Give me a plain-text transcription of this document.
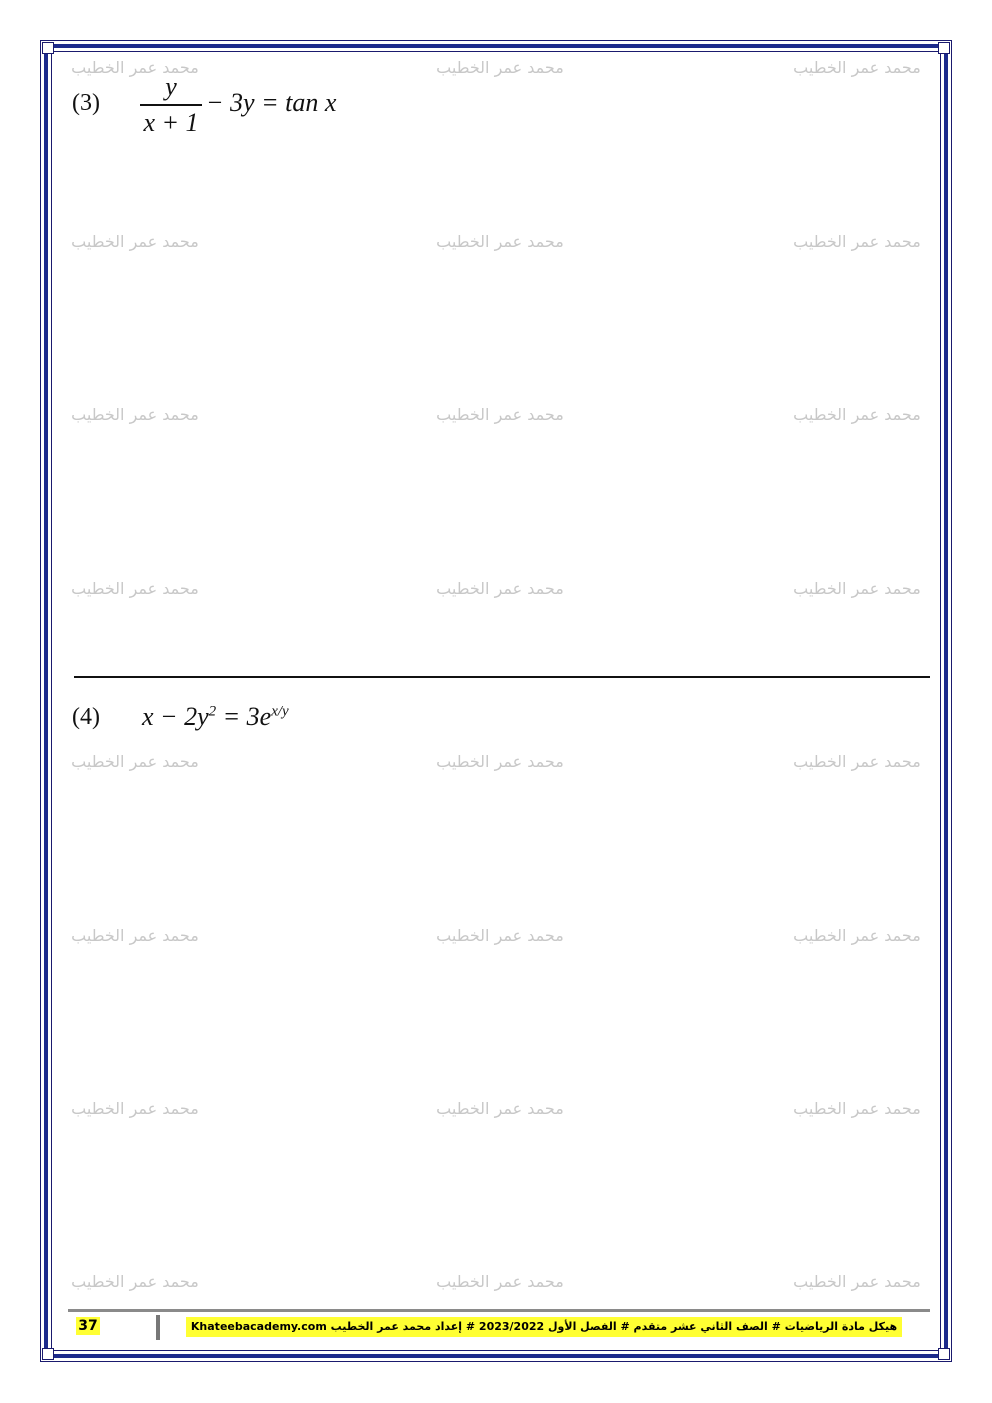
محمد عمر الخطيب	محمد عمر الخطيب	محمد عمر الخطيب
محمد عمر الخطيب	محمد عمر الخطيب	محمد عمر الخطيب
محمد عمر الخطيب	محمد عمر الخطيب	محمد عمر الخطيب
محمد عمر الخطيب	محمد عمر الخطيب	محمد عمر الخطيب
محمد عمر الخطيب	محمد عمر الخطيب	محمد عمر الخطيب
محمد عمر الخطيب	محمد عمر الخطيب	محمد عمر الخطيب
محمد عمر الخطيب	محمد عمر الخطيب	محمد عمر الخطيب
محمد عمر الخطيب	محمد عمر الخطيب	محمد عمر الخطيب
(3)
y
x + 1
− 3y = tan x
(4) $x - 2y^2 = 3e^{x/y}$
37	هيكل مادة الرياضيات # الصف الثاني عشر متقدم # الفصل الأول 2023/2022 # إعداد محمد عمر الخطيب Khateebacademy.com
